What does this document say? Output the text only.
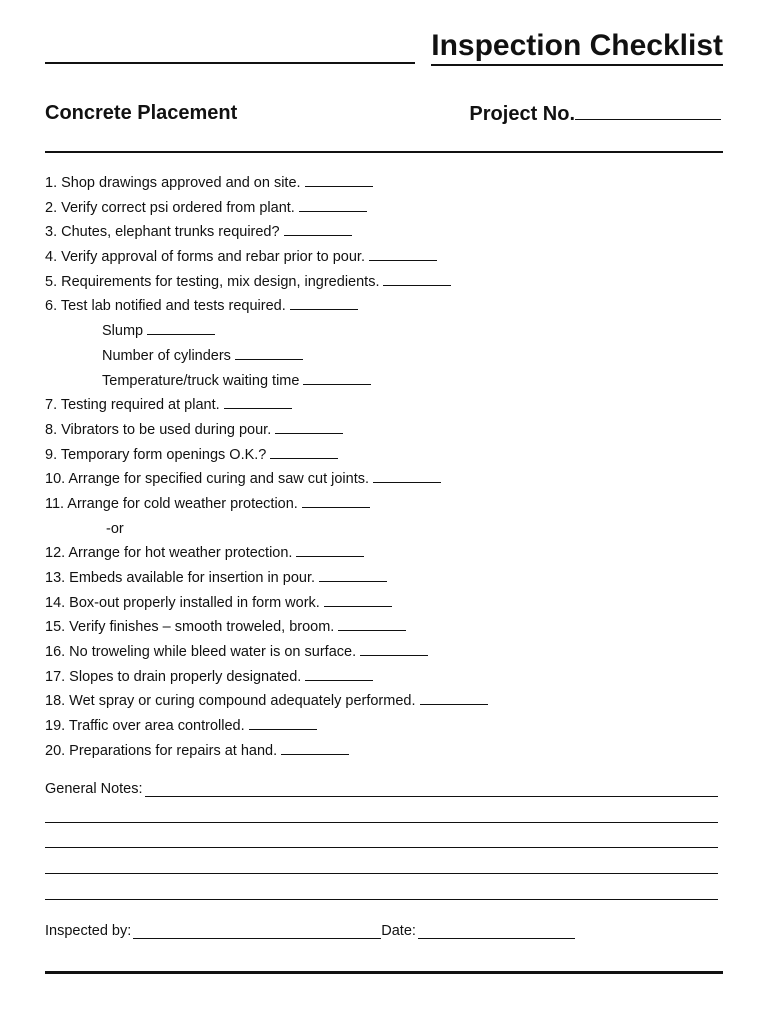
Inspection Checklist
Concrete Placement	Project No.
1. Shop drawings approved and on site.
2. Verify correct psi ordered from plant.
3. Chutes, elephant trunks required?
4. Verify approval of forms and rebar prior to pour.
5. Requirements for testing, mix design, ingredients.
6. Test lab notified and tests required.
Slump
Number of cylinders
Temperature/truck waiting time
7. Testing required at plant.
8. Vibrators to be used during pour.
9. Temporary form openings O.K.?
10. Arrange for specified curing and saw cut joints.
11. Arrange for cold weather protection.
-or
12. Arrange for hot weather protection.
13. Embeds available for insertion in pour.
14. Box-out properly installed in form work.
15. Verify finishes – smooth troweled, broom.
16. No troweling while bleed water is on surface.
17. Slopes to drain properly designated.
18. Wet spray or curing compound adequately performed.
19. Traffic over area controlled.
20. Preparations for repairs at hand.
General Notes:
Inspected by:	Date:
